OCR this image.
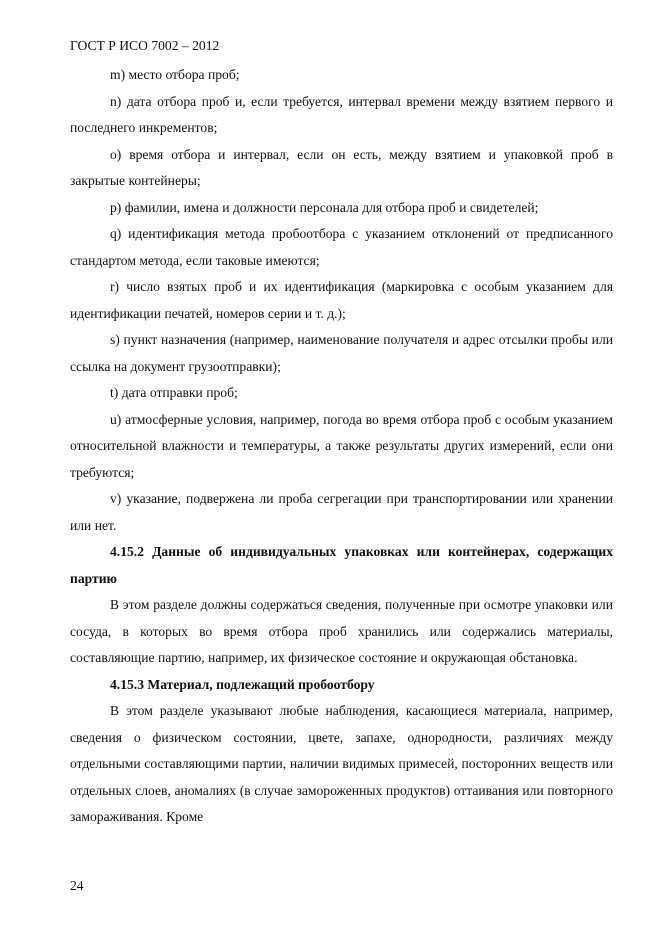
ГОСТ Р ИСО 7002 – 2012

m) место отбора проб;

n) дата отбора проб и, если требуется, интервал времени между взятием первого и последнего инкрементов;

o) время отбора и интервал, если он есть, между взятием и упаковкой проб в закрытые контейнеры;

p) фамилии, имена и должности персонала для отбора проб и свидетелей;

q) идентификация метода пробоотбора с указанием отклонений от предписанного стандартом метода, если таковые имеются;

r) число взятых проб и их идентификация (маркировка с особым указанием для идентификации печатей, номеров серии и т. д.);

s) пункт назначения (например, наименование получателя и адрес отсылки пробы или ссылка на документ грузоотправки);

t) дата отправки проб;

u) атмосферные условия, например, погода во время отбора проб с особым указанием относительной влажности и температуры, а также результаты других измерений, если они требуются;

v) указание, подвержена ли проба сегрегации при транспортировании или хранении или нет.

4.15.2 Данные об индивидуальных упаковках или контейнерах, содержащих партию

В этом разделе должны содержаться сведения, полученные при осмотре упаковки или сосуда, в которых во время отбора проб хранились или содержались материалы, составляющие партию, например, их физическое состояние и окружающая обстановка.

4.15.3 Материал, подлежащий пробоотбору

В этом разделе указывают любые наблюдения, касающиеся материала, например, сведения о физическом состоянии, цвете, запахе, однородности, различиях между отдельными составляющими партии, наличии видимых примесей, посторонних веществ или отдельных слоев, аномалиях (в случае замороженных продуктов) оттаивания или повторного замораживания. Кроме

24
